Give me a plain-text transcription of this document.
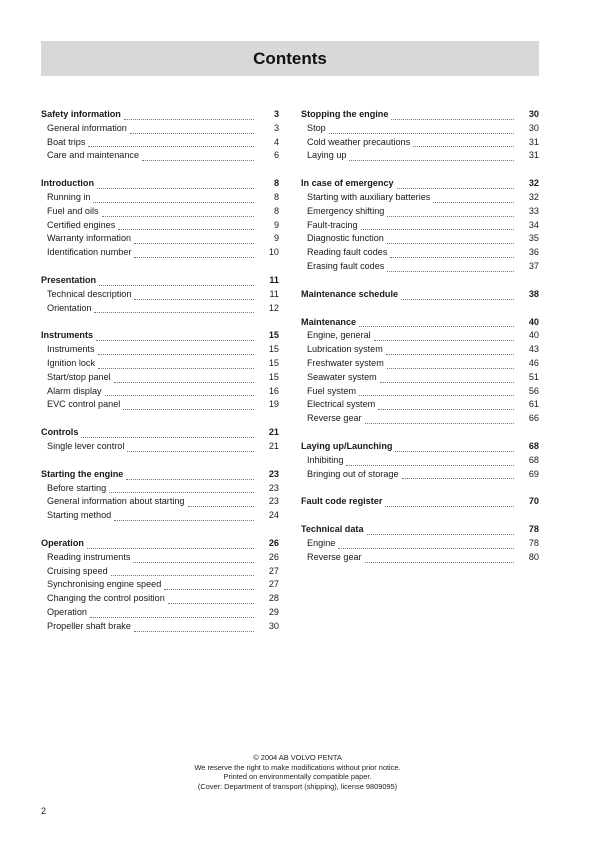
Contents
Safety information	3
General information	3
Boat trips	4
Care and maintenance	6
Introduction	8
Running in	8
Fuel and oils	8
Certified engines	9
Warranty information	9
Identification number	10
Presentation	11
Technical description	11
Orientation	12
Instruments	15
Instruments	15
Ignition lock	15
Start/stop panel	15
Alarm display	16
EVC control panel	19
Controls	21
Single lever control	21
Starting the engine	23
Before starting	23
General information about starting	23
Starting method	24
Operation	26
Reading instruments	26
Cruising speed	27
Synchronising engine speed	27
Changing the control position	28
Operation	29
Propeller shaft brake	30
Stopping the engine	30
Stop	30
Cold weather precautions	31
Laying up	31
In case of emergency	32
Starting with auxiliary batteries	32
Emergency shifting	33
Fault-tracing	34
Diagnostic function	35
Reading fault codes	36
Erasing fault codes	37
Maintenance schedule	38
Maintenance	40
Engine, general	40
Lubrication system	43
Freshwater system	46
Seawater system	51
Fuel system	56
Electrical system	61
Reverse gear	66
Laying up/Launching	68
Inhibiting	68
Bringing out of storage	69
Fault code register	70
Technical data	78
Engine	78
Reverse gear	80
© 2004 AB VOLVO PENTA
We reserve the right to make modifications without prior notice.
Printed on environmentally compatible paper.
(Cover: Department of transport (shipping), license 9809095)
2
